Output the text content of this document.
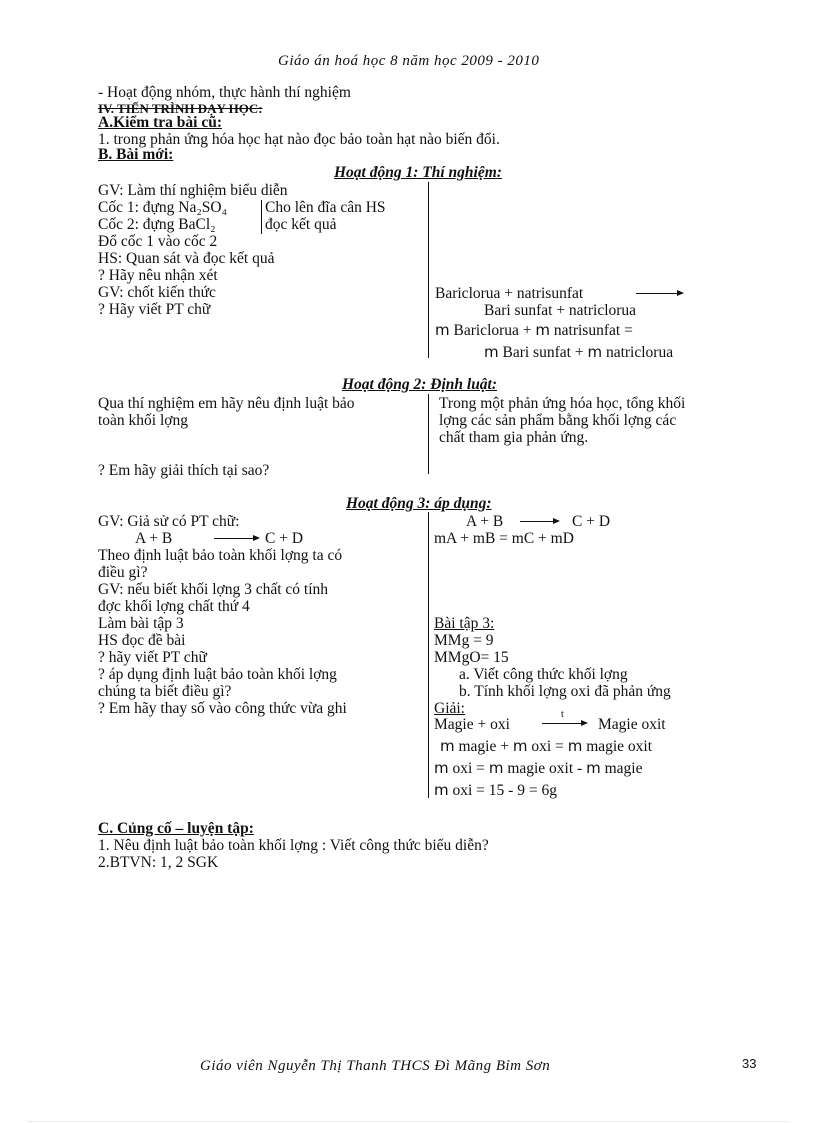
Giáo án hoá học 8 năm học 2009 - 2010
- Hoạt động nhóm, thực hành thí nghiệm
IV. TIẾN TRÌNH DẠY HỌC:
A.Kiểm tra bài cũ:
1. trong phản ứng hóa học hạt nào đọc bảo toàn hạt nào biến đổi.
B. Bài mới:
Hoạt động 1: Thí nghiệm:
GV: Làm thí nghiệm biểu diễn
Cốc 1: đựng Na₂SO₄
Cốc 2: đựng BaCl₂
Đổ cốc 1 vào cốc 2
HS: Quan sát và đọc kết quả
? Hãy nêu nhận xét
GV: chốt kiến thức
? Hãy viết PT chữ
Cho lên đĩa cân HS
đọc kết quả
Bariclorua + natrisunfat
Bari sunfat + natriclorua
m Bariclorua + m natrisunfat =
m Bari sunfat + m natriclorua
Hoạt động 2: Định luật:
Qua thí nghiệm em hãy nêu định luật bảo
toàn khối lợng
? Em hãy giải thích tại sao?
Trong một phản ứng hóa học, tổng khối
lợng các sản phẩm bằng khối lợng các
chất tham gia phản ứng.
Hoạt động 3: áp dụng:
GV: Giả sử có PT chữ:
A + B	→ C + D
Theo định luật bảo toàn khối lợng ta có
điều gì?
GV: nếu biết khối lợng 3 chất có tính
đợc khối lợng chất thứ 4
Làm bài tập 3
HS đọc đề bài
? hãy viết PT chữ
? áp dụng định luật bảo toàn khối lợng
chúng ta biết điều gì?
? Em hãy thay số vào công thức vừa ghi
A + B → C + D
mA + mB = mC + mD
Bài tập 3:
MMg = 9
MMgO= 15
a. Viết công thức khối lợng
b. Tính khối lợng oxi đã phản ứng
Giải:
Magie + oxi
t
→ Magie oxit
m magie + m oxi = m magie oxit
m oxi = m magie oxit - m magie
m oxi = 15 - 9 = 6g
C. Củng cố – luyện tập:
1. Nêu định luật bảo toàn khối lợng : Viết công thức biểu diễn?
2.BTVN: 1, 2 SGK
Giáo viên Nguyễn Thị Thanh THCS Đì Mãng Bỉm Sơn	33
